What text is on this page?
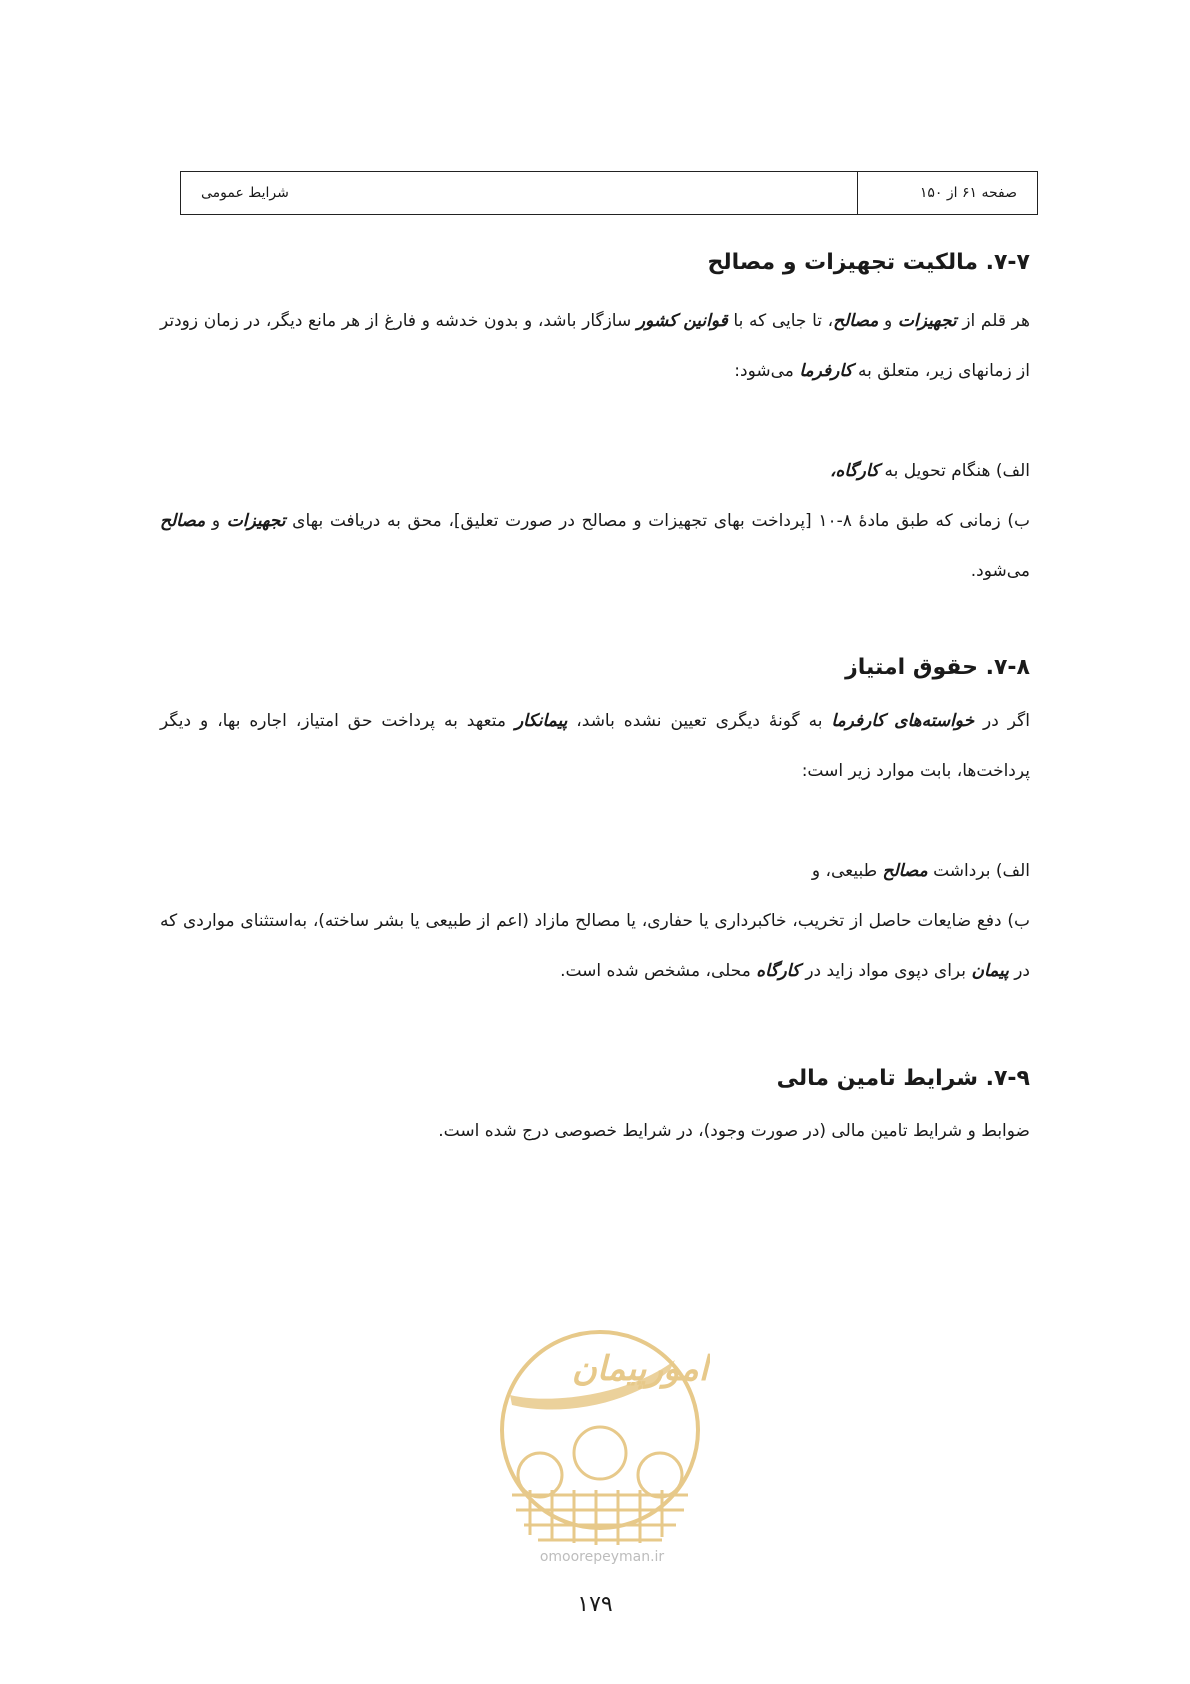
صفحه ۶۱ از ۱۵۰
شرایط عمومی
۷-۷. مالکیت تجهیزات و مصالح
هر قلم از تجهیزات و مصالح، تا جایی که با قوانین کشور سازگار باشد، و بدون خدشه و فارغ از هر مانع دیگر، در زمان زودتر از زمانهای زیر، متعلق به کارفرما می‌شود:
الف) هنگام تحویل به کارگاه،
ب) زمانی که طبق مادهٔ ۸-۱۰ [پرداخت بهای تجهیزات و مصالح در صورت تعلیق]، محق به دریافت بهای تجهیزات و مصالح می‌شود.
۷-۸. حقوق امتیاز
اگر در خواسته‌های کارفرما به گونهٔ دیگری تعیین نشده باشد، پیمانکار متعهد به پرداخت حق امتیاز، اجاره بها، و دیگر پرداخت‌ها، بابت موارد زیر است:
الف) برداشت مصالح طبیعی، و
ب) دفع ضایعات حاصل از تخریب، خاکبرداری یا حفاری، یا مصالح مازاد (اعم از طبیعی یا بشر ساخته)، به‌استثنای مواردی که در پیمان برای دپوی مواد زاید در کارگاه محلی، مشخص شده است.
۷-۹. شرایط تامین مالی
ضوابط و شرایط تامین مالی (در صورت وجود)، در شرایط خصوصی درج شده است.
امورپیمان
omoorepeyman.ir
۱۷۹
